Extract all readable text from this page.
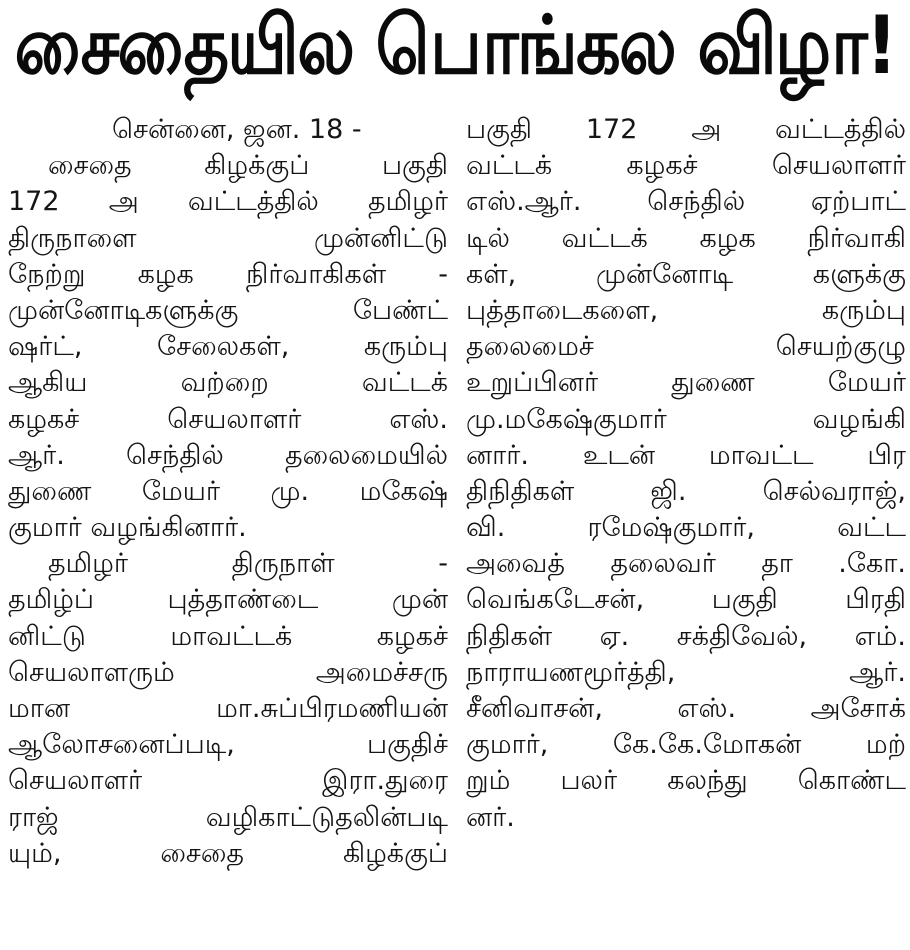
சைதையில பொங்கல விழா!
சென்னை, ஜன. 18 -
சைதை கிழக்குப் பகுதி
172 அ வட்டத்தில் தமிழர்
திருநாளை முன்னிட்டு
நேற்று கழக நிர்வாகிகள் -
முன்னோடிகளுக்கு பேண்ட்
ஷர்ட், சேலைகள், கரும்பு
ஆகிய வற்றை வட்டக்
கழகச் செயலாளர் எஸ்.
ஆர். செந்தில் தலைமையில்
துணை மேயர் மு. மகேஷ்
குமார் வழங்கினார்.
தமிழர் திருநாள் -
தமிழ்ப் புத்தாண்டை முன்
னிட்டு மாவட்டக் கழகச்
செயலாளரும் அமைச்சரு
மான மா.சுப்பிரமணியன்
ஆலோசனைப்படி, பகுதிச்
செயலாளர் இரா.துரை
ராஜ் வழிகாட்டுதலின்படி
யும், சைதை கிழக்குப்
பகுதி 172 அ வட்டத்தில்
வட்டக் கழகச் செயலாளர்
எஸ்.ஆர். செந்தில் ஏற்பாட்
டில் வட்டக் கழக நிர்வாகி
கள், முன்னோடி களுக்கு
புத்தாடைகளை, கரும்பு
தலைமைச் செயற்குழு
உறுப்பினர் துணை மேயர்
மு.மகேஷ்குமார் வழங்கி
னார். உடன் மாவட்ட பிர
திநிதிகள் ஜி. செல்வராஜ்,
வி. ரமேஷ்குமார், வட்ட
அவைத் தலைவர் தா .கோ.
வெங்கடேசன், பகுதி பிரதி
நிதிகள் ஏ. சக்திவேல், எம்.
நாராயணமூர்த்தி, ஆர்.
சீனிவாசன், எஸ். அசோக்
குமார், கே.கே.மோகன் மற்
றும் பலர் கலந்து கொண்ட
னர்.
